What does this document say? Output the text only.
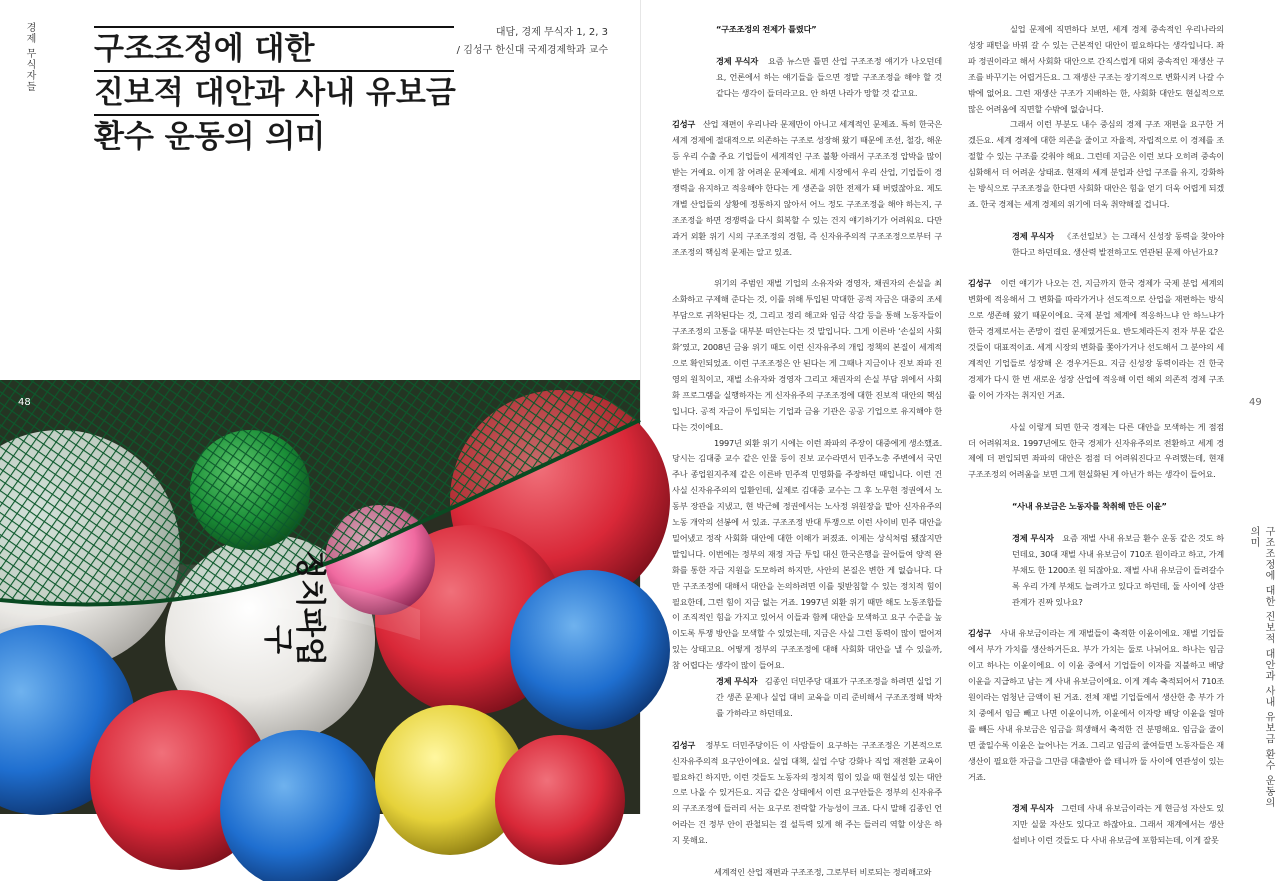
경제 무식자들 구조조정에 대한
진보적 대안과 사내 유보금
환수 운동의 의미
대담, 경제 무식자 1, 2, 3
/ 김성구 한신대 국제경제학과 교수
정치파업
구
48	49
구조조정에 대한 진보적 대안과 사내 유보금 환수 운동의 의미

“구조조정의 전제가 틀렸다”

경제 무식자 요즘 뉴스만 틀면 산업 구조조정 얘기가 나오던데요, 언론에서 하는 얘기들을 들으면 정말 구조조정을 해야 할 것 같다는 생각이 들더라고요. 안 하면 나라가 망할 것 같고요.

김성구 산업 재편이 우리나라 문제만이 아니고 세계적인 문제죠. 특히 한국은 세계 경제에 절대적으로 의존하는 구조로 성장해 왔기 때문에 조선, 철강, 해운 등 우리 수출 주요 기업들이 세계적인 구조 불황 아래서 구조조정 압박을 많이 받는 거예요. 이게 참 어려운 문제예요. 세계 시장에서 우리 산업, 기업들이 경쟁력을 유지하고 적응해야 한다는 게 생존을 위한 전제가 돼 버렸잖아요. 제도 개별 산업들의 상황에 정통하지 않아서 어느 정도 구조조정을 해야 하는지, 구조조정을 하면 경쟁력을 다시 회복할 수 있는 건지 얘기하기가 어려워요. 다만 과거 외환 위기 시의 구조조정의 경험, 즉 신자유주의적 구조조정으로부터 구조조정의 핵심적 문제는 알고 있죠.

위기의 주범인 재벌 기업의 소유자와 경영자, 채권자의 손실을 최소화하고 구제해 준다는 것, 이를 위해 투입된 막대한 공적 자금은 대중의 조세 부담으로 귀착된다는 것, 그리고 정리 해고와 임금 삭감 등을 통해 노동자들이 구조조정의 고통을 대부분 떠안는다는 것 말입니다. 그게 이른바 ‘손실의 사회화’였고, 2008년 금융 위기 때도 이런 신자유주의 개입 정책의 본질이 세계적으로 확인되었죠. 이런 구조조정은 안 된다는 게 그때나 지금이나 진보 좌파 진영의 원칙이고, 재벌 소유자와 경영자 그리고 채권자의 손실 부담 위에서 사회화 프로그램을 실행하자는 게 신자유주의 구조조정에 대한 진보적 대안의 핵심입니다. 공적 자금이 투입되는 기업과 금융 기관은 공공 기업으로 유지해야 한다는 것이에요.

1997년 외환 위기 시에는 이런 좌파의 주장이 대중에게 생소했죠. 당시는 김대중 교수 같은 인물 등이 진보 교수라면서 민주노총 주변에서 국민주나 종업원지주제 같은 이른바 민주적 민영화를 주장하던 때입니다. 이런 건 사실 신자유주의의 일환인데, 실제로 김대중 교수는 그 후 노무현 정권에서 노동부 장관을 지냈고, 현 박근혜 정권에서는 노사정 위원장을 맡아 신자유주의 노동 개악의 선봉에 서 있죠. 구조조정 반대 투쟁으로 이런 사이비 민주 대안을 밀어냈고 정작 사회화 대안에 대한 이해가 퍼졌죠. 이제는 상식처럼 됐잖지만 말입니다. 이번에는 정부의 재정 자금 투입 대신 한국은행을 끌어들여 양적 완화를 통한 자금 지원을 도모하려 하지만, 사안의 본질은 변한 게 없습니다. 다만 구조조정에 대해서 대안을 논의하려면 이를 뒷받침할 수 있는 정치적 힘이 필요한데, 그런 힘이 지금 없는 거죠. 1997년 외환 위기 때만 해도 노동조합들이 조직적인 힘을 가지고 있어서 이들과 함께 대안을 모색하고 요구 수준을 높이도록 투쟁 방안을 모색할 수 있었는데, 지금은 사실 그런 동력이 많이 떨어져 있는 상태고요. 어떻게 정부의 구조조정에 대해 사회화 대안을 낼 수 있을까, 참 어렵다는 생각이 많이 들어요.

경제 무식자 김종인 더민주당 대표가 구조조정을 하려면 실업 기간 생존 문제나 실업 대비 교육을 미리 준비해서 구조조정해 박차를 가하라고 하던데요.

김성구 정부도 더민주당이든 이 사람들이 요구하는 구조조정은 기본적으로 신자유주의적 요구안이에요. 실업 대책, 실업 수당 강화나 직업 재전환 교육이 필요하긴 하지만, 이런 것들도 노동자의 정치적 힘이 있을 때 현실성 있는 대안으로 나올 수 있거든요. 지금 같은 상태에서 이런 요구안들은 정부의 신자유주의 구조조정에 들러리 서는 요구로 전락할 가능성이 크죠. 다시 말해 김종인 언어라는 건 정부 안이 관철되는 걸 설득력 있게 해 주는 들러리 역할 이상은 하지 못해요.

세계적인 산업 재편과 구조조정, 그로부터 비로되는 정리해고와

실업 문제에 직면하다 보면, 세계 경제 중속적인 우리나라의 성장 패턴을 바꿔 갈 수 있는 근본적인 대안이 필요하다는 생각입니다. 좌파 정권이라고 해서 사회화 대안으로 간직스럽게 대외 중속적인 재생산 구조를 바꾸기는 어렵거든요. 그 재생산 구조는 장기적으로 변화시켜 나갈 수밖에 없어요. 그런 재생산 구조가 지배하는 한, 사회화 대안도 현실적으로 많은 어려움에 직면할 수밖에 없습니다.

그래서 이런 부분도 내수 중심의 경제 구조 재편을 요구한 거겠든요. 세계 경제에 대한 의존을 줄이고 자율적, 자립적으로 이 경제를 조절할 수 있는 구조를 갖춰야 해요. 그런데 지금은 이런 보다 오히려 중속이 심화해서 더 어려운 상태죠. 현재의 세계 분업과 산업 구조를 유지, 강화하는 방식으로 구조조정을 한다면 사회화 대안은 힘을 얻기 더욱 어렵게 되겠죠. 한국 경제는 세계 경제의 위기에 더욱 취약해질 겁니다.

경제 무식자 《조선일보》는 그래서 신성장 동력을 찾아야 한다고 하던데요. 생산력 발전하고도 연관된 문제 아닌가요?

김성구 이런 얘기가 나오는 건, 지금까지 한국 경제가 국제 분업 세계의 변화에 적응해서 그 변화를 따라가거나 선도적으로 산업을 재편하는 방식으로 생존해 왔기 때문이에요. 국제 분업 체계에 적응하느냐 안 하느냐가 한국 경제로서는 존망이 걸린 문제였거든요. 반도체라든지 전자 부문 같은 것들이 대표적이죠. 세계 시장의 변화를 쫓아가거나 선도해서 그 분야의 세계적인 기업들로 성장해 온 경우거든요. 지금 신성장 동력이라는 건 한국 경제가 다시 한 번 새로운 성장 산업에 적응해 이런 해외 의존적 경제 구조를 이어 가자는 취지인 거죠.

사실 이렇게 되면 한국 경제는 다른 대안을 모색하는 게 점점 더 어려워져요. 1997년에도 한국 경제가 신자유주의로 전환하고 세계 경제에 더 편입되면 좌파의 대안은 점점 더 어려워진다고 우려했는데, 현재 구조조정의 어려움을 보면 그게 현실화된 게 아닌가 하는 생각이 들어요.

“사내 유보금은 노동자를 착취해 만든 이윤”

경제 무식자 요즘 재벌 사내 유보금 환수 운동 같은 것도 하던데요, 30대 재벌 사내 유보금이 710조 원이라고 하고, 가계 부채도 한 1200조 원 되잖아요. 재벌 사내 유보금이 들려갈수록 우리 가계 부채도 늘려가고 있다고 하던데, 둘 사이에 상관관계가 진짜 있나요?

김성구 사내 유보금이라는 게 재벌들이 축적한 이윤이에요. 재벌 기업들에서 부가 가치를 생산하거든요. 부가 가치는 둘로 나뉘어요. 하나는 임금이고 하나는 이윤이에요. 이 이윤 중에서 기업들이 이자를 지불하고 배당 이윤을 지급하고 남는 게 사내 유보금이에요. 이게 계속 축적되어서 710조 원이라는 엄청난 금액이 된 거죠. 전체 재벌 기업들에서 생산한 총 부가 가치 중에서 임금 빼고 나면 이윤이니까, 이윤에서 이자랑 배당 이윤을 얼마를 빼든 사내 유보금은 임금을 희생해서 축적한 건 분명해요. 임금을 줄이면 줄일수록 이윤은 늘어나는 거죠. 그리고 임금의 줄여들면 노동자들은 재생산이 필요한 자금을 그만큼 대출받아 쓸 테니까 둘 사이에 연관성이 있는 거죠.

경제 무식자 그런데 사내 유보금이라는 게 현금성 자산도 있지만 실물 자산도 있다고 하잖아요. 그래서 재계에서는 생산 설비나 이런 것들도 다 사내 유보금에 포함되는데, 이게 잘못
